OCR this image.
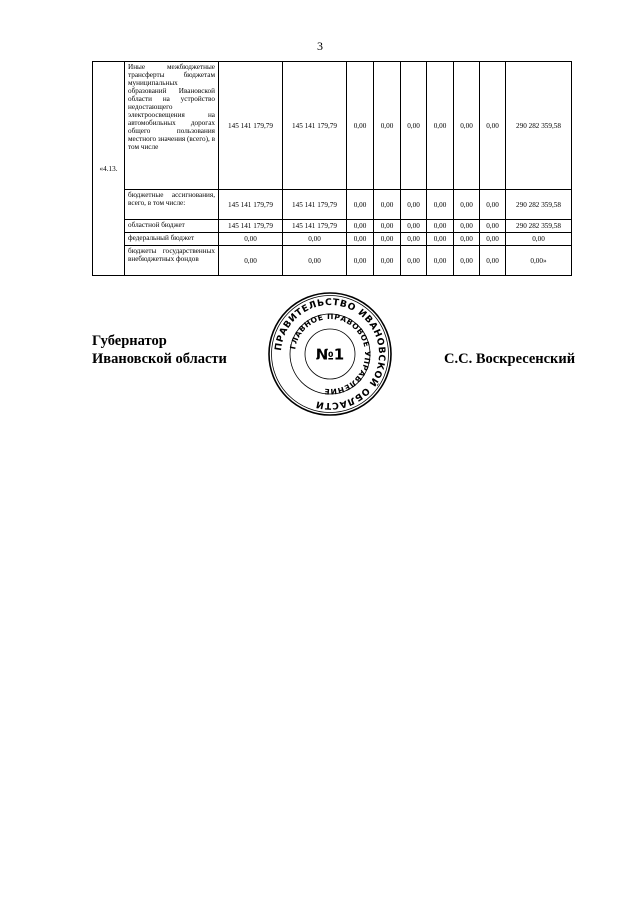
3
«4.13.	Иные межбюджетные трансферты бюджетам муниципальных образований Ивановской области на устройство недостающего электроосвещения на автомобильных дорогах общего пользования местного значения (всего), в том числе	145 141 179,79	145 141 179,79	0,00	0,00	0,00	0,00	0,00	0,00	290 282 359,58
	бюджетные ассигнования, всего, в том числе:	145 141 179,79	145 141 179,79	0,00	0,00	0,00	0,00	0,00	0,00	290 282 359,58
	областной бюджет	145 141 179,79	145 141 179,79	0,00	0,00	0,00	0,00	0,00	0,00	290 282 359,58
	федеральный бюджет	0,00	0,00	0,00	0,00	0,00	0,00	0,00	0,00	0,00
	бюджеты государственных внебюджетных фондов	0,00	0,00	0,00	0,00	0,00	0,00	0,00	0,00	0,00»
Губернатор
Ивановской области
ПРАВИТЕЛЬСТВО ИВАНОВСКОЙ ОБЛАСТИ
ГЛАВНОЕ ПРАВОВОЕ УПРАВЛЕНИЕ
№1	С.С. Воскресенский
